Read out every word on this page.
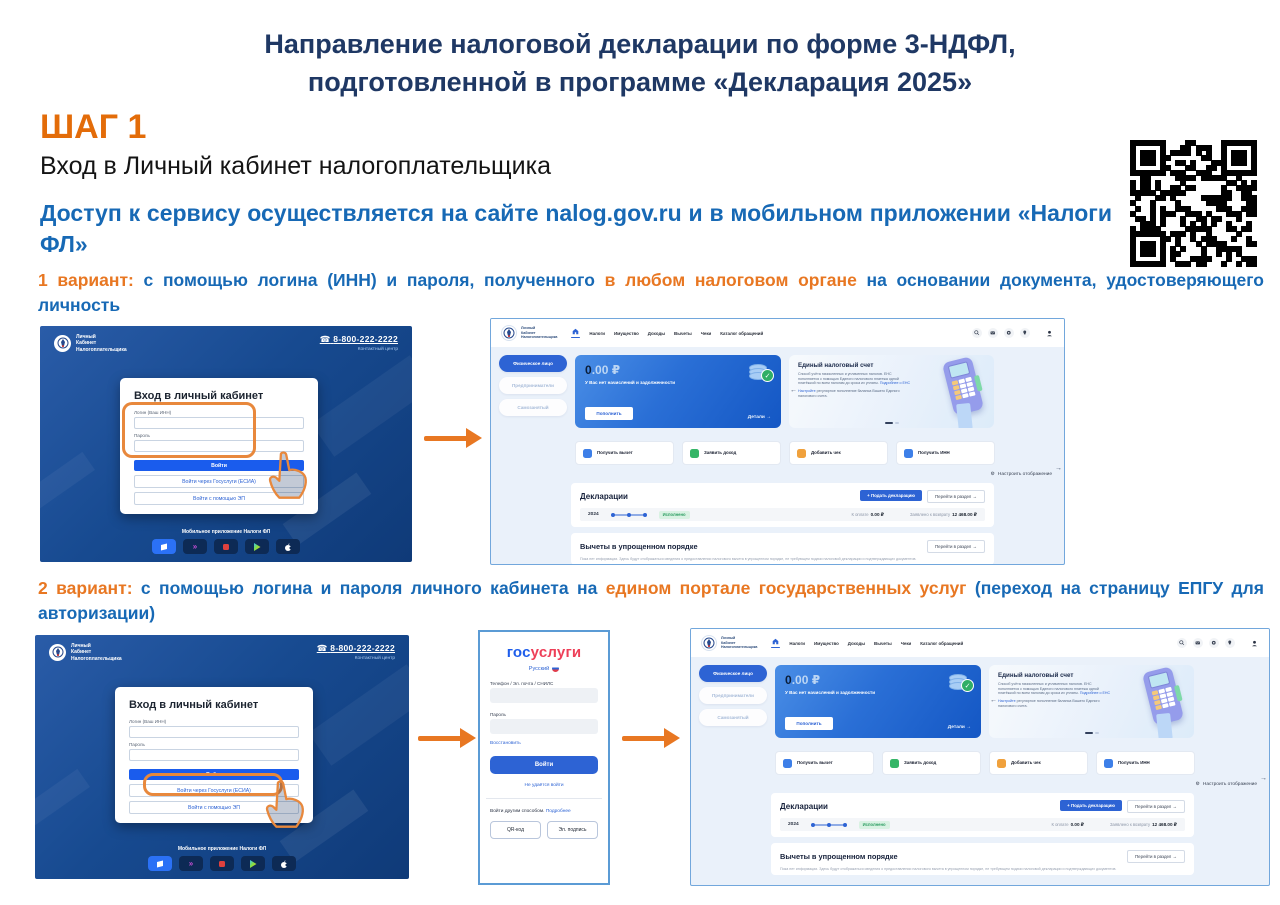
Направление налоговой декларации по форме 3-НДФЛ,
подготовленной в программе «Декларация 2025»
ШАГ 1
Вход в Личный кабинет налогоплательщика
Доступ к сервису осуществляется на сайте nalog.gov.ru и в мобильном приложении «Налоги ФЛ»

1 вариант: с помощью логина (ИНН) и пароля, полученного в любом налоговом органе на основании документа, удостоверяющего личность

2 вариант: с помощью логина и пароля личного кабинета на едином портале государственных услуг (переход на страницу ЕПГУ для авторизации)

Личный
Кабинет
Налогоплательщика
☎ 8-800-222-2222
Контактный центр
Вход в личный кабинет
Логин (Ваш ИНН)
Пароль
Войти
Войти через Госуслуги (ЕСИА)
Войти с помощью ЭП
Мобильное приложение Налоги ФЛ
»
Личный
Кабинет
Налогоплательщика
Налоги Имущество Доходы Вычеты Чеки Каталог обращений
Физическое лицо
Предприниматели
Самозанятый
0.00 ₽
У Вас нет начислений и задолженности
Пополнить
Детали →
✓
Единый налоговый счет

Способ учёта начисленных и уплаченных налогов. ЕНС пополняется с помощью Единого налогового платежа одной платёжкой по всем налогам до срока их уплаты. Подробнее о ЕНС

Настройте регулярное пополнение баланса Вашего Единого налогового счета.

←
→
Получить вычет	Заявить доход	Добавить чек	Получить ИНН
⚙ Настроить отображение
Декларации	+
Подать декларацию	Перейти в раздел
→
2024	Исполнено	К оплате 0.00 ₽	Заявлено к возврату 12 468.00 ₽
Вычеты в упрощенном порядке	Перейти в раздел
→
Пока нет информации. Здесь будут отображаться сведения о предоставлении налогового вычета в упрощенном порядке, не требующем подачи налоговой декларации и подтверждающих документов.
Личный
Кабинет
Налогоплательщика
☎ 8-800-222-2222
Контактный центр
Вход в личный кабинет
Логин (Ваш ИНН)
Пароль
Войти
Войти через Госуслуги (ЕСИА)
Войти с помощью ЭП
Мобильное приложение Налоги ФЛ
»
госуслуги
Русский
Телефон / Эл. почта / СНИЛС
Пароль
Восстановить
Войти
Не удаётся войти
Войти другим способом. Подробнее
QR-код	Эл. подпись
Личный
Кабинет
Налогоплательщика
Налоги Имущество Доходы Вычеты Чеки Каталог обращений
Физическое лицо
Предприниматели
Самозанятый
0.00 ₽
У Вас нет начислений и задолженности
Пополнить
Детали →
✓
Единый налоговый счет

Способ учёта начисленных и уплаченных налогов. ЕНС пополняется с помощью Единого налогового платежа одной платёжкой по всем налогам до срока их уплаты. Подробнее о ЕНС

Настройте регулярное пополнение баланса Вашего Единого налогового счета.

←
→
Получить вычет	Заявить доход	Добавить чек	Получить ИНН
⚙ Настроить отображение
Декларации	+
Подать декларацию	Перейти в раздел
→
2024	Исполнено	К оплате 0.00 ₽	Заявлено к возврату 12 468.00 ₽
Вычеты в упрощенном порядке	Перейти в раздел
→
Пока нет информации. Здесь будут отображаться сведения о предоставлении налогового вычета в упрощенном порядке, не требующем подачи налоговой декларации и подтверждающих документов.
